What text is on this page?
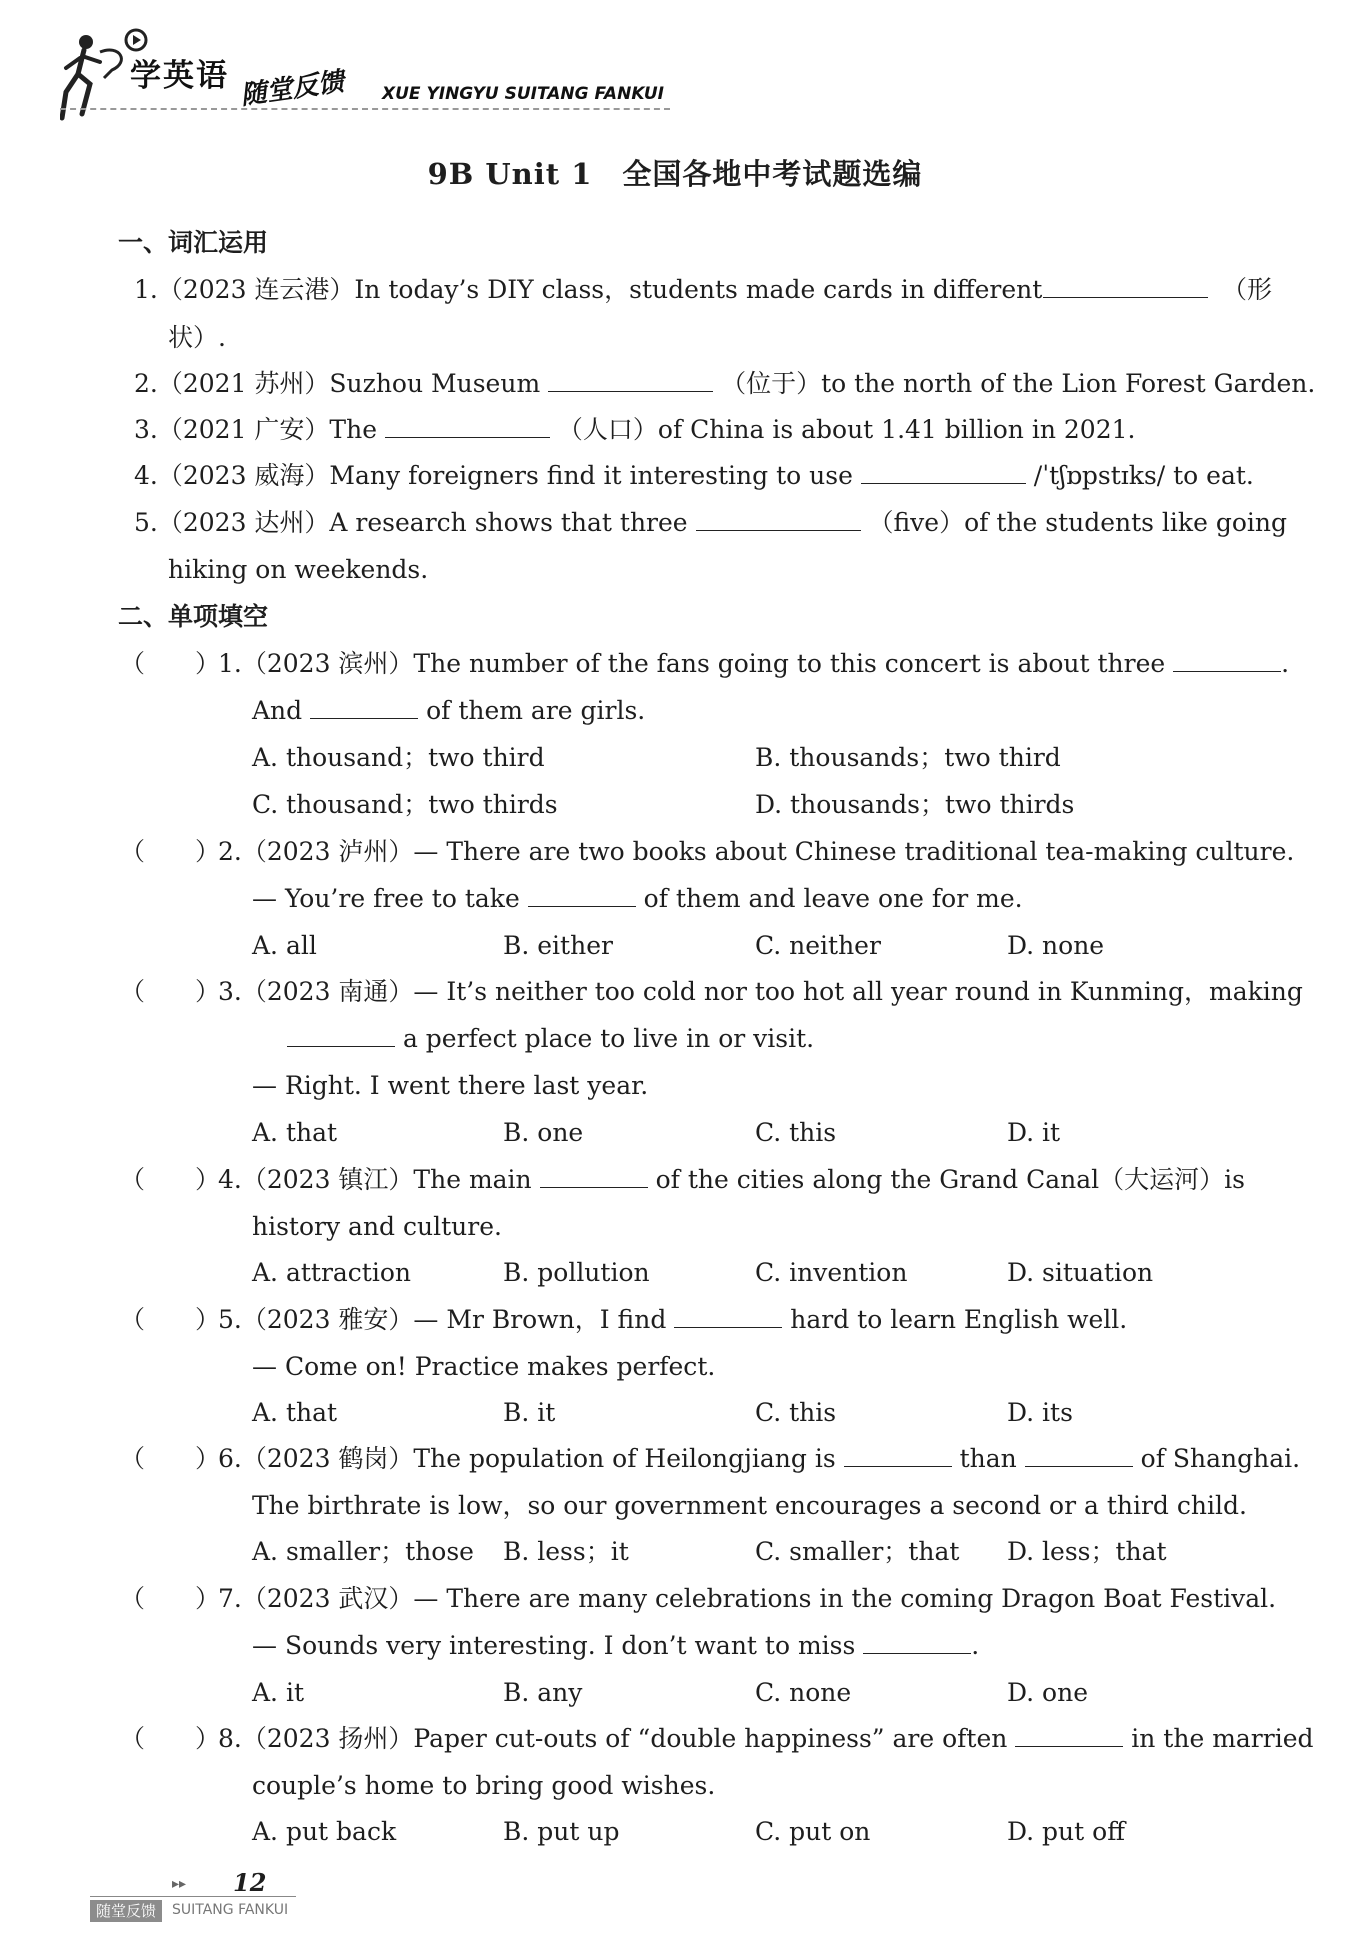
学英语 随堂反馈 XUE YINGYU SUITANG FANKUI
9B Unit 1　全国各地中考试题选编
一、词汇运用
1.（2023 连云港）In today’s DIY class，students made cards in different	（形
状）.
2.（2021 苏州）Suzhou Museum	（位于）to the north of the Lion Forest Garden.
3.（2021 广安）The	（人口）of China is about 1.41 billion in 2021.
4.（2023 威海）Many foreigners find it interesting to use	/ˈtʃɒpstɪks/ to eat.
5.（2023 达州）A research shows that three	（five）of the students like going
hiking on weekends.
二、单项填空
（　　）
1.（2023 滨州）The number of the fans going to this concert is about three	.
And	of them are girls.
A. thousand；two third	B. thousands；two third
C. thousand；two thirds	D. thousands；two thirds
（　　）
2.（2023 泸州）— There are two books about Chinese traditional tea-making culture.
— You’re free to take	of them and leave one for me.
A. all	B. either	C. neither	D. none
（　　）
3.（2023 南通）— It’s neither too cold nor too hot all year round in Kunming，making
a perfect place to live in or visit.
— Right. I went there last year.
A. that	B. one	C. this	D. it
（　　）
4.（2023 镇江）The main	of the cities along the Grand Canal（大运河）is
history and culture.
A. attraction	B. pollution	C. invention	D. situation
（　　）
5.（2023 雅安）— Mr Brown，I find	hard to learn English well.
— Come on! Practice makes perfect.
A. that	B. it	C. this	D. its
（　　）
6.（2023 鹤岗）The population of Heilongjiang is	than	of Shanghai.
The birthrate is low，so our government encourages a second or a third child.
A. smaller；those B. less；it	C. smaller；that D. less；that
（　　）
7.（2023 武汉）— There are many celebrations in the coming Dragon Boat Festival.
— Sounds very interesting. I don’t want to miss	.
A. it	B. any	C. none	D. one
（　　）
8.（2023 扬州）Paper cut-outs of “double happiness” are often	in the married
couple’s home to bring good wishes.
A. put back	B. put up	C. put on	D. put off
▸▸ 12
随堂反馈	SUITANG FANKUI
